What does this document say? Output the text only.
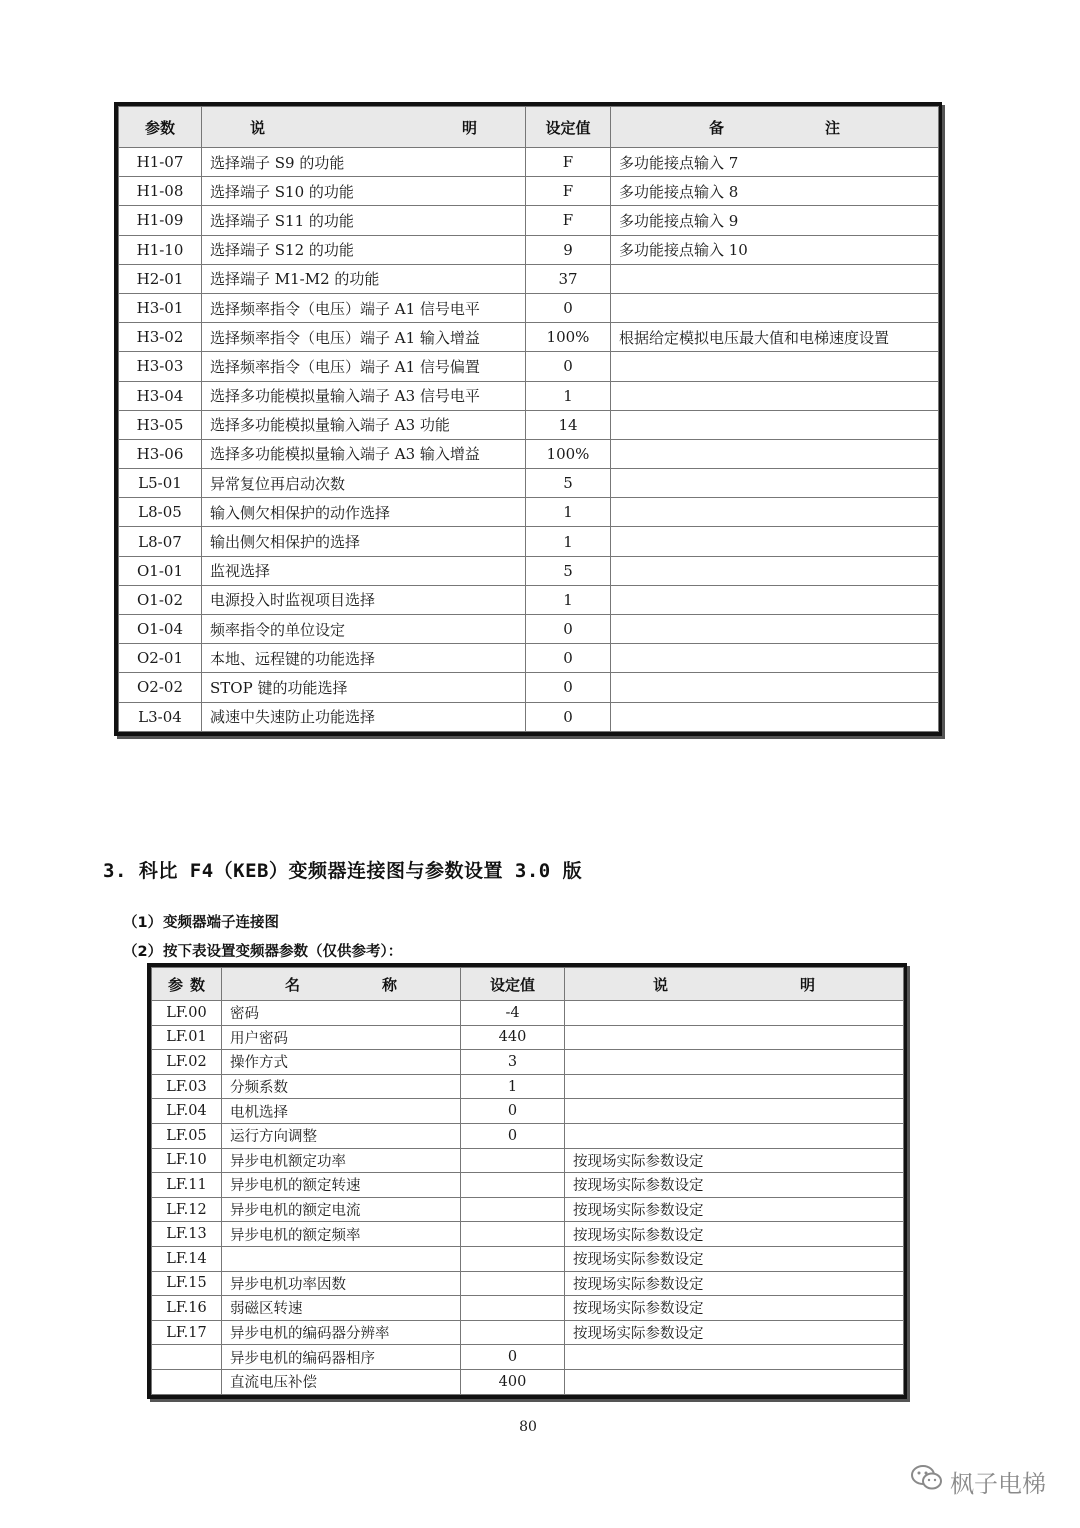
参数	说 明	设定值	备 注

H1-07	选择端子 S9 的功能	F	多功能接点输入 7
H1-08	选择端子 S10 的功能	F	多功能接点输入 8
H1-09	选择端子 S11 的功能	F	多功能接点输入 9
H1-10	选择端子 S12 的功能	9	多功能接点输入 10
H2-01	选择端子 M1-M2 的功能	37	
H3-01	选择频率指令（电压）端子 A1 信号电平	0	
H3-02	选择频率指令（电压）端子 A1 输入增益	100%	根据给定模拟电压最大值和电梯速度设置
H3-03	选择频率指令（电压）端子 A1 信号偏置	0	
H3-04	选择多功能模拟量输入端子 A3 信号电平	1	
H3-05	选择多功能模拟量输入端子 A3 功能	14	
H3-06	选择多功能模拟量输入端子 A3 输入增益	100%	
L5-01	异常复位再启动次数	5	
L8-05	输入侧欠相保护的动作选择	1	
L8-07	输出侧欠相保护的选择	1	
O1-01	监视选择	5	
O1-02	电源投入时监视项目选择	1	
O1-04	频率指令的单位设定	0	
O2-01	本地、远程键的功能选择	0	
O2-02	STOP 键的功能选择	0	
L3-04	减速中失速防止功能选择	0	
3. 科比 F4（KEB）变频器连接图与参数设置 3.0 版
（1）变频器端子连接图
（2）按下表设置变频器参数（仅供参考）：
参 数	名 称	设定值	说 明

LF.00	密码	-4	
LF.01	用户密码	440	
LF.02	操作方式	3	
LF.03	分频系数	1	
LF.04	电机选择	0	
LF.05	运行方向调整	0	
LF.10	异步电机额定功率		按现场实际参数设定
LF.11	异步电机的额定转速		按现场实际参数设定
LF.12	异步电机的额定电流		按现场实际参数设定
LF.13	异步电机的额定频率		按现场实际参数设定
LF.14			按现场实际参数设定
LF.15	异步电机功率因数		按现场实际参数设定
LF.16	弱磁区转速		按现场实际参数设定
LF.17	异步电机的编码器分辨率		按现场实际参数设定
	异步电机的编码器相序	0	
	直流电压补偿	400	
80
枫子电梯
